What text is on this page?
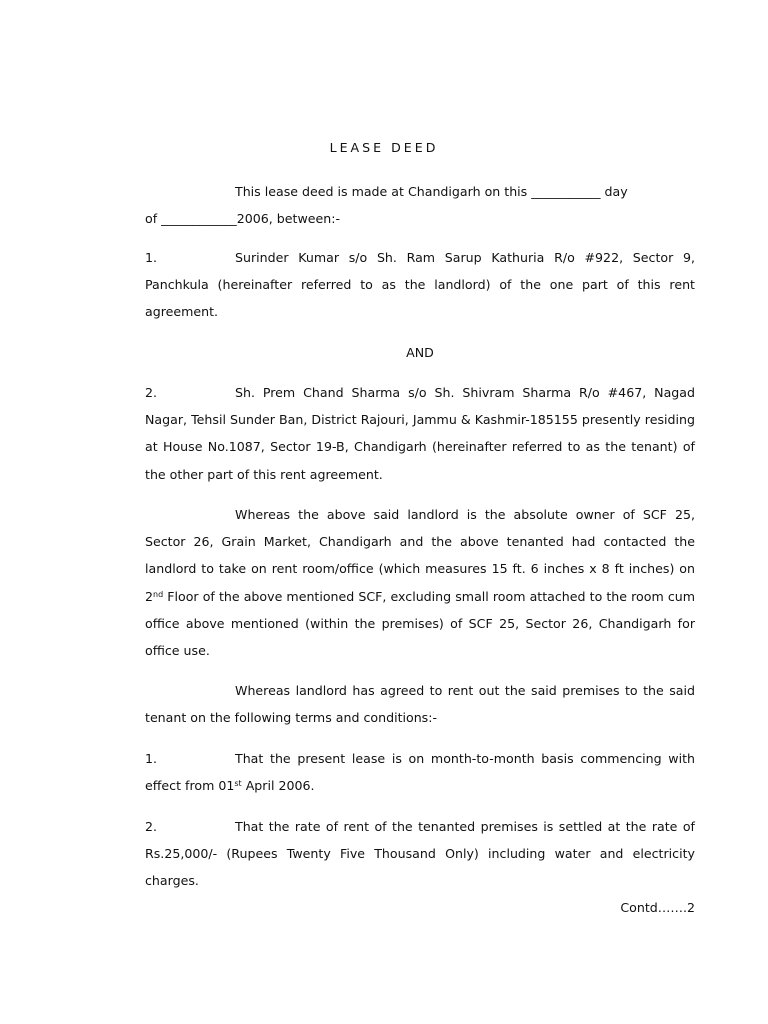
LEASE DEED

This lease deed is made at Chandigarh on this ___________ day
of ____________2006, between:-

1.	Surinder Kumar s/o Sh. Ram Sarup Kathuria R/o #922, Sector 9, Panchkula (hereinafter referred to as the landlord) of the one part of this rent agreement.

AND

2.	Sh. Prem Chand Sharma s/o Sh. Shivram Sharma R/o #467, Nagad Nagar, Tehsil Sunder Ban, District Rajouri, Jammu & Kashmir-185155 presently residing at House No.1087, Sector 19-B, Chandigarh (hereinafter referred to as the tenant) of the other part of this rent agreement.

Whereas the above said landlord is the absolute owner of SCF 25, Sector 26, Grain Market, Chandigarh and the above tenanted had contacted the landlord to take on rent room/office (which measures 15 ft. 6 inches x 8 ft inches) on 2nd Floor of the above mentioned SCF, excluding small room attached to the room cum office above mentioned (within the premises) of SCF 25, Sector 26, Chandigarh for office use.

Whereas landlord has agreed to rent out the said premises to the said tenant on the following terms and conditions:-

1.	That the present lease is on month-to-month basis commencing with effect from 01st April 2006.

2.	That the rate of rent of the tenanted premises is settled at the rate of Rs.25,000/- (Rupees Twenty Five Thousand Only) including water and electricity charges.

Contd…….2
